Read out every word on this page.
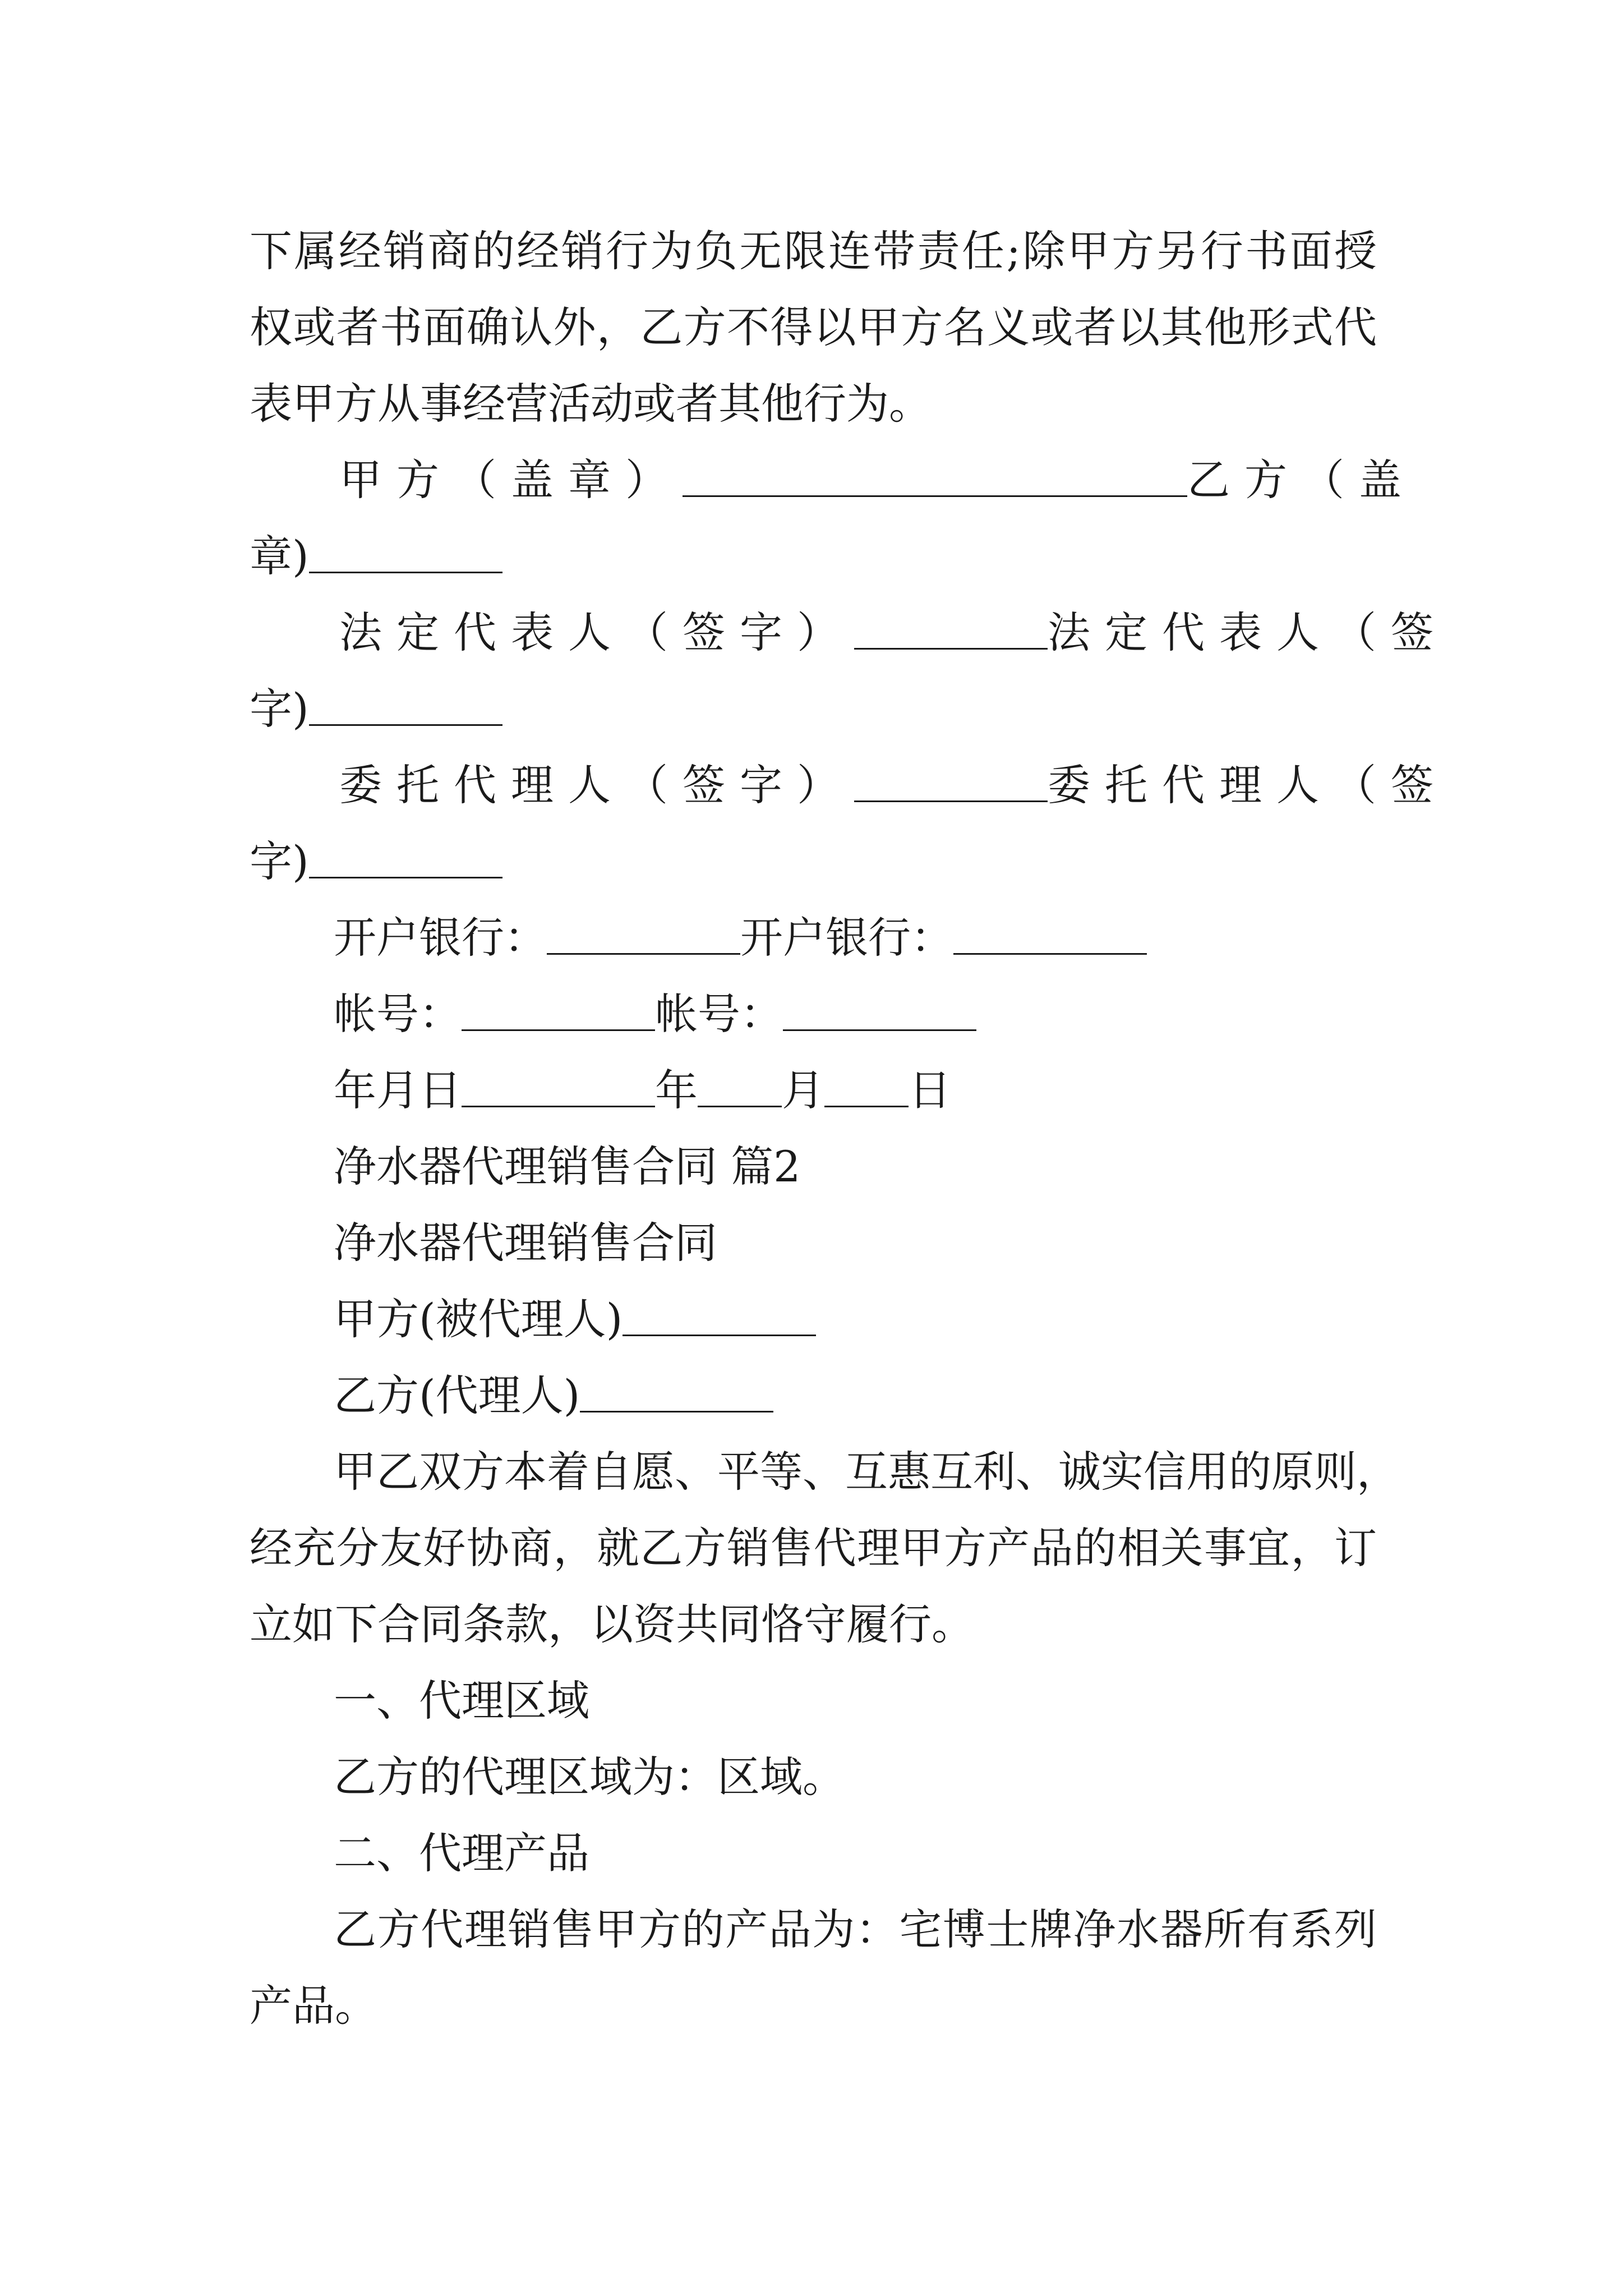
下属经销商的经销行为负无限连带责任;除甲方另行书面授
权或者书面确认外，乙方不得以甲方名义或者以其他形式代
表甲方从事经营活动或者其他行为。
甲方（盖章）	乙方（盖
章)
法定代表人（签字）	法定代表人（签
字)
委托代理人（签字）	委托代理人（签
字)
开户银行：	开户银行：
帐号：	帐号：
年月日	年 月 日
净水器代理销售合同 篇2
净水器代理销售合同
甲方(被代理人)
乙方(代理人)
甲乙双方本着自愿、平等、互惠互利、诚实信用的原则，
经充分友好协商，就乙方销售代理甲方产品的相关事宜，订
立如下合同条款，以资共同恪守履行。
一、代理区域
乙方的代理区域为：区域。
二、代理产品
乙方代理销售甲方的产品为：宅博士牌净水器所有系列
产品。
